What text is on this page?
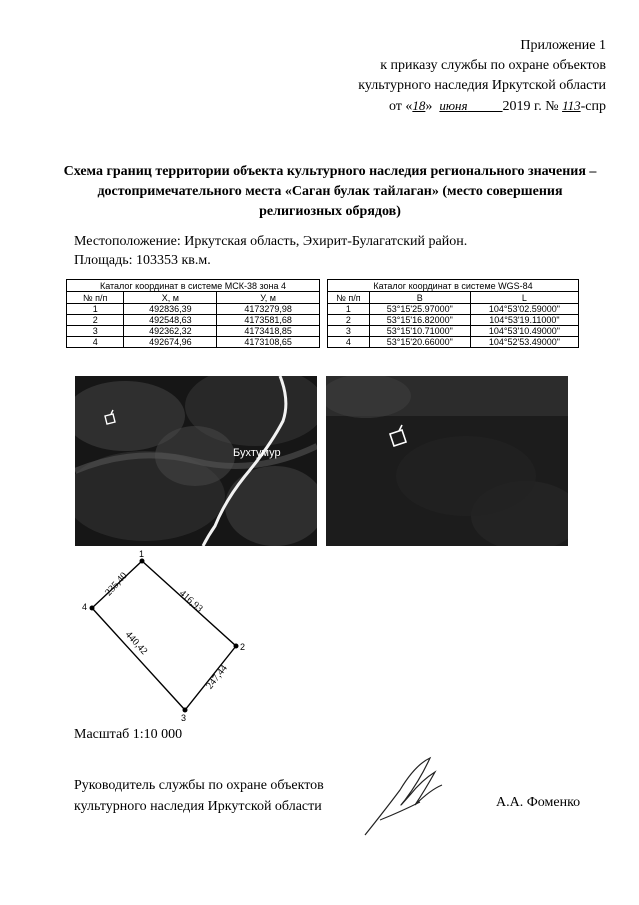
Приложение 1
к приказу службы по охране объектов
культурного наследия Иркутской области
от «18» июня	2019 г. № 113-спр
Схема границ территории объекта культурного наследия регионального значения – достопримечательного места «Саган булак тайлаган» (место совершения религиозных обрядов)
Местоположение: Иркутская область, Эхирит-Булагатский район.
Площадь: 103353 кв.м.
Каталог координат в системе МСК-38 зона 4		
№ п/п	X, м	У, м
1	492836,39	4173279,98
2	492548,63	4173581,68
3	492362,32	4173418,85
4	492674,96	4173108,65
Каталог координат в системе WGS-84		
№ п/п	B	L
1	53°15'25.97000"	104°53'02.59000"
2	53°15'16.82000"	104°53'19.11000"
3	53°15'10.71000"	104°53'10.49000"
4	53°15'20.66000"	104°52'53.49000"
Бухтумур
1
2
3
4
235,40
416,93
247,44
440,42
Масштаб 1:10 000
Руководитель службы по охране объектов
культурного наследия Иркутской области	А.А. Фоменко
